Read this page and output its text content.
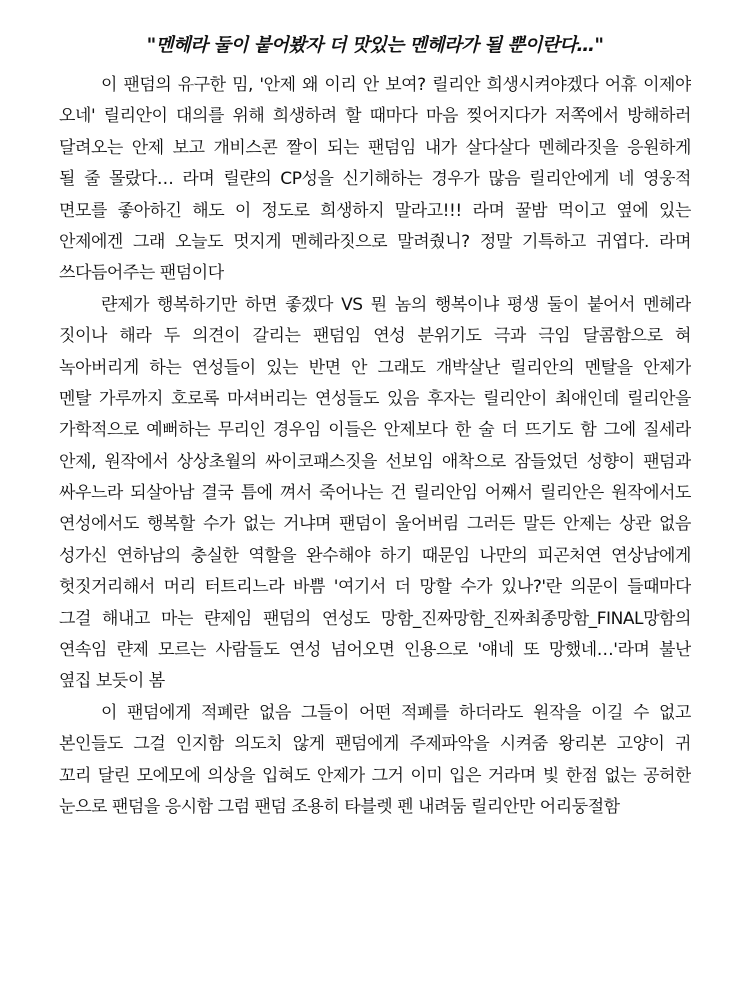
"멘헤라 둘이 붙어봤자 더 맛있는 멘헤라가 될 뿐이란다…"
이 팬덤의 유구한 밈, '안제 왜 이리 안 보여? 릴리안 희생시켜야겠다 어휴 이제야
오네' 릴리안이 대의를 위해 희생하려 할 때마다 마음 찢어지다가 저쪽에서 방해하러
달려오는 안제 보고 개비스콘 짤이 되는 팬덤임 내가 살다살다 멘헤라짓을 응원하게
될 줄 몰랐다… 라며 릴랸의 CP성을 신기해하는 경우가 많음 릴리안에게 네 영웅적
면모를 좋아하긴 해도 이 정도로 희생하지 말라고!!! 라며 꿀밤 먹이고 옆에 있는
안제에겐 그래 오늘도 멋지게 멘헤라짓으로 말려줬니? 정말 기특하고 귀엽다. 라며
쓰다듬어주는 팬덤이다
랸제가 행복하기만 하면 좋겠다 VS 뭔 놈의 행복이냐 평생 둘이 붙어서 멘헤라
짓이나 해라 두 의견이 갈리는 팬덤임 연성 분위기도 극과 극임 달콤함으로 혀
녹아버리게 하는 연성들이 있는 반면 안 그래도 개박살난 릴리안의 멘탈을 안제가
멘탈 가루까지 호로록 마셔버리는 연성들도 있음 후자는 릴리안이 최애인데 릴리안을
가학적으로 예뻐하는 무리인 경우임 이들은 안제보다 한 술 더 뜨기도 함 그에 질세라
안제, 원작에서 상상초월의 싸이코패스짓을 선보임 애착으로 잠들었던 성향이 팬덤과
싸우느라 되살아남 결국 틈에 껴서 죽어나는 건 릴리안임 어째서 릴리안은 원작에서도
연성에서도 행복할 수가 없는 거냐며 팬덤이 울어버림 그러든 말든 안제는 상관 없음
성가신 연하남의 충실한 역할을 완수해야 하기 때문임 나만의 피곤처연 연상남에게
헛짓거리해서 머리 터트리느라 바쁨 '여기서 더 망할 수가 있나?'란 의문이 들때마다
그걸 해내고 마는 랸제임 팬덤의 연성도 망함_진짜망함_진짜최종망함_FINAL망함의
연속임 랸제 모르는 사람들도 연성 넘어오면 인용으로 '얘네 또 망했네…'라며 불난
옆집 보듯이 봄
이 팬덤에게 적폐란 없음 그들이 어떤 적폐를 하더라도 원작을 이길 수 없고
본인들도 그걸 인지함 의도치 않게 팬덤에게 주제파악을 시켜줌 왕리본 고양이 귀
꼬리 달린 모에모에 의상을 입혀도 안제가 그거 이미 입은 거라며 빛 한점 없는 공허한
눈으로 팬덤을 응시함 그럼 팬덤 조용히 타블렛 펜 내려둠 릴리안만 어리둥절함
